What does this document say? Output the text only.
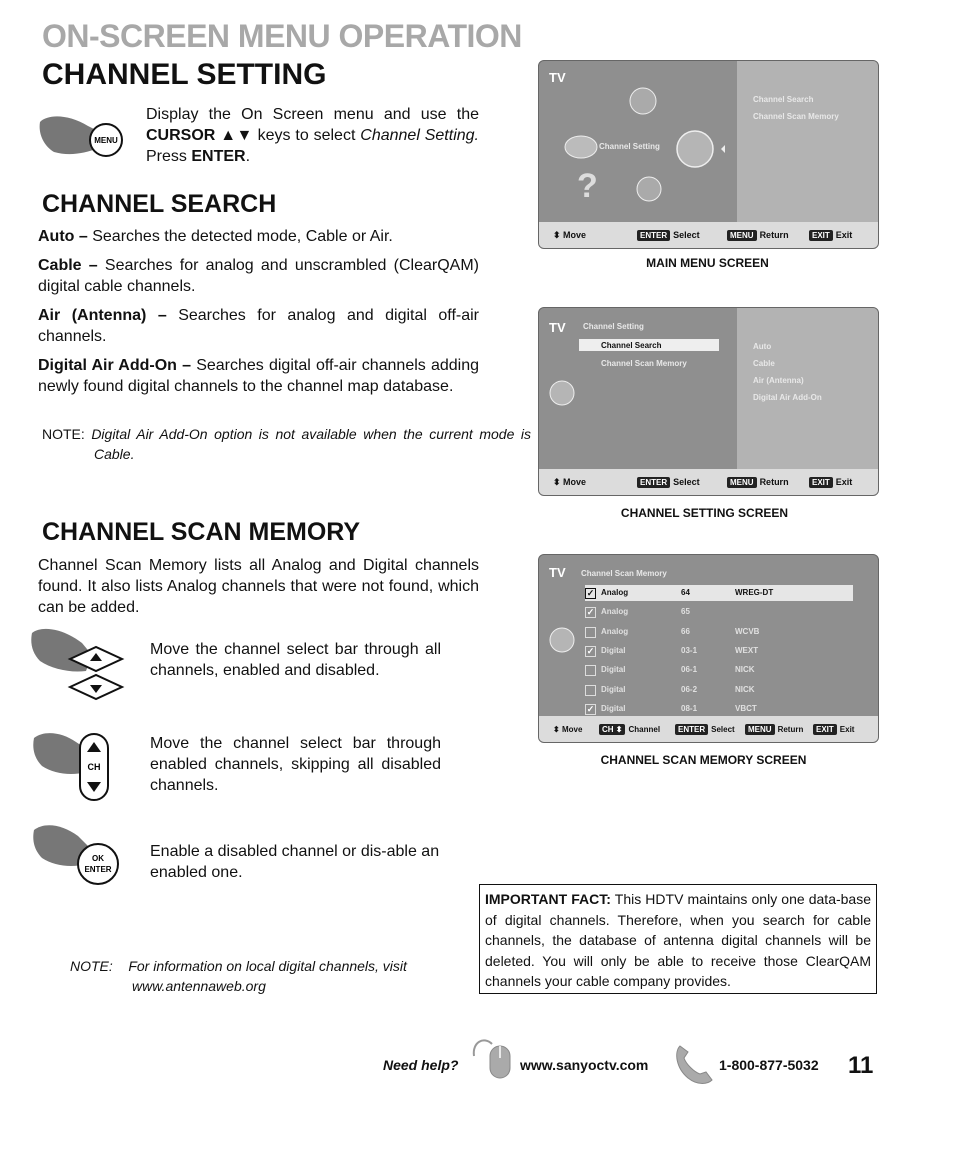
ON-SCREEN MENU OPERATION
CHANNEL SETTING
MENU
Display the On Screen menu and use the CURSOR ▲▼ keys to select Channel Setting. Press ENTER.
CHANNEL SEARCH
Auto – Searches the detected mode, Cable or Air.
Cable – Searches for analog and unscrambled (ClearQAM) digital cable channels.
Air (Antenna) – Searches for analog and digital off-air channels.
Digital Air Add-On – Searches digital off-air channels adding newly found digital channels to the channel map database.
NOTE: Digital Air Add-On option is not available when the current mode is Cable.
CHANNEL SCAN MEMORY
Channel Scan Memory lists all Analog and Digital channels found. It also lists Analog channels that were not found, which can be added.
Move the channel select bar through all channels, enabled and disabled.
CH
Move the channel select bar through enabled channels, skipping all disabled channels.
OK
ENTER
Enable a disabled channel or dis-able an enabled one.
NOTE: For information on local digital channels, visit www.antennaweb.org
TV
?
Channel Setting
Channel Search
Channel Scan Memory
⬍ Move	ENTER Select	MENU Return	EXIT Exit
MAIN MENU SCREEN
TV Channel Setting
Channel Search
Channel Scan Memory
Auto
Cable
Air (Antenna)
Digital Air Add-On
⬍ Move	ENTER Select	MENU Return	EXIT Exit
CHANNEL SETTING SCREEN
TV Channel Scan Memory
✓ Analog	64	WREG-DT
✓ Analog	65
Analog	66	WCVB
✓ Digital	03-1	WEXT
Digital	06-1	NICK
Digital	06-2	NICK
✓ Digital	08-1	VBCT
⬍ Move	CH ⬍ Channel	ENTER Select	MENU Return	EXIT Exit
CHANNEL SCAN MEMORY SCREEN
IMPORTANT FACT: This HDTV maintains only one data-base of digital channels. Therefore, when you search for cable channels, the database of antenna digital channels will be deleted. You will only be able to receive those ClearQAM channels your cable company provides.
Need help?	www.sanyoctv.com	1-800-877-5032 11
